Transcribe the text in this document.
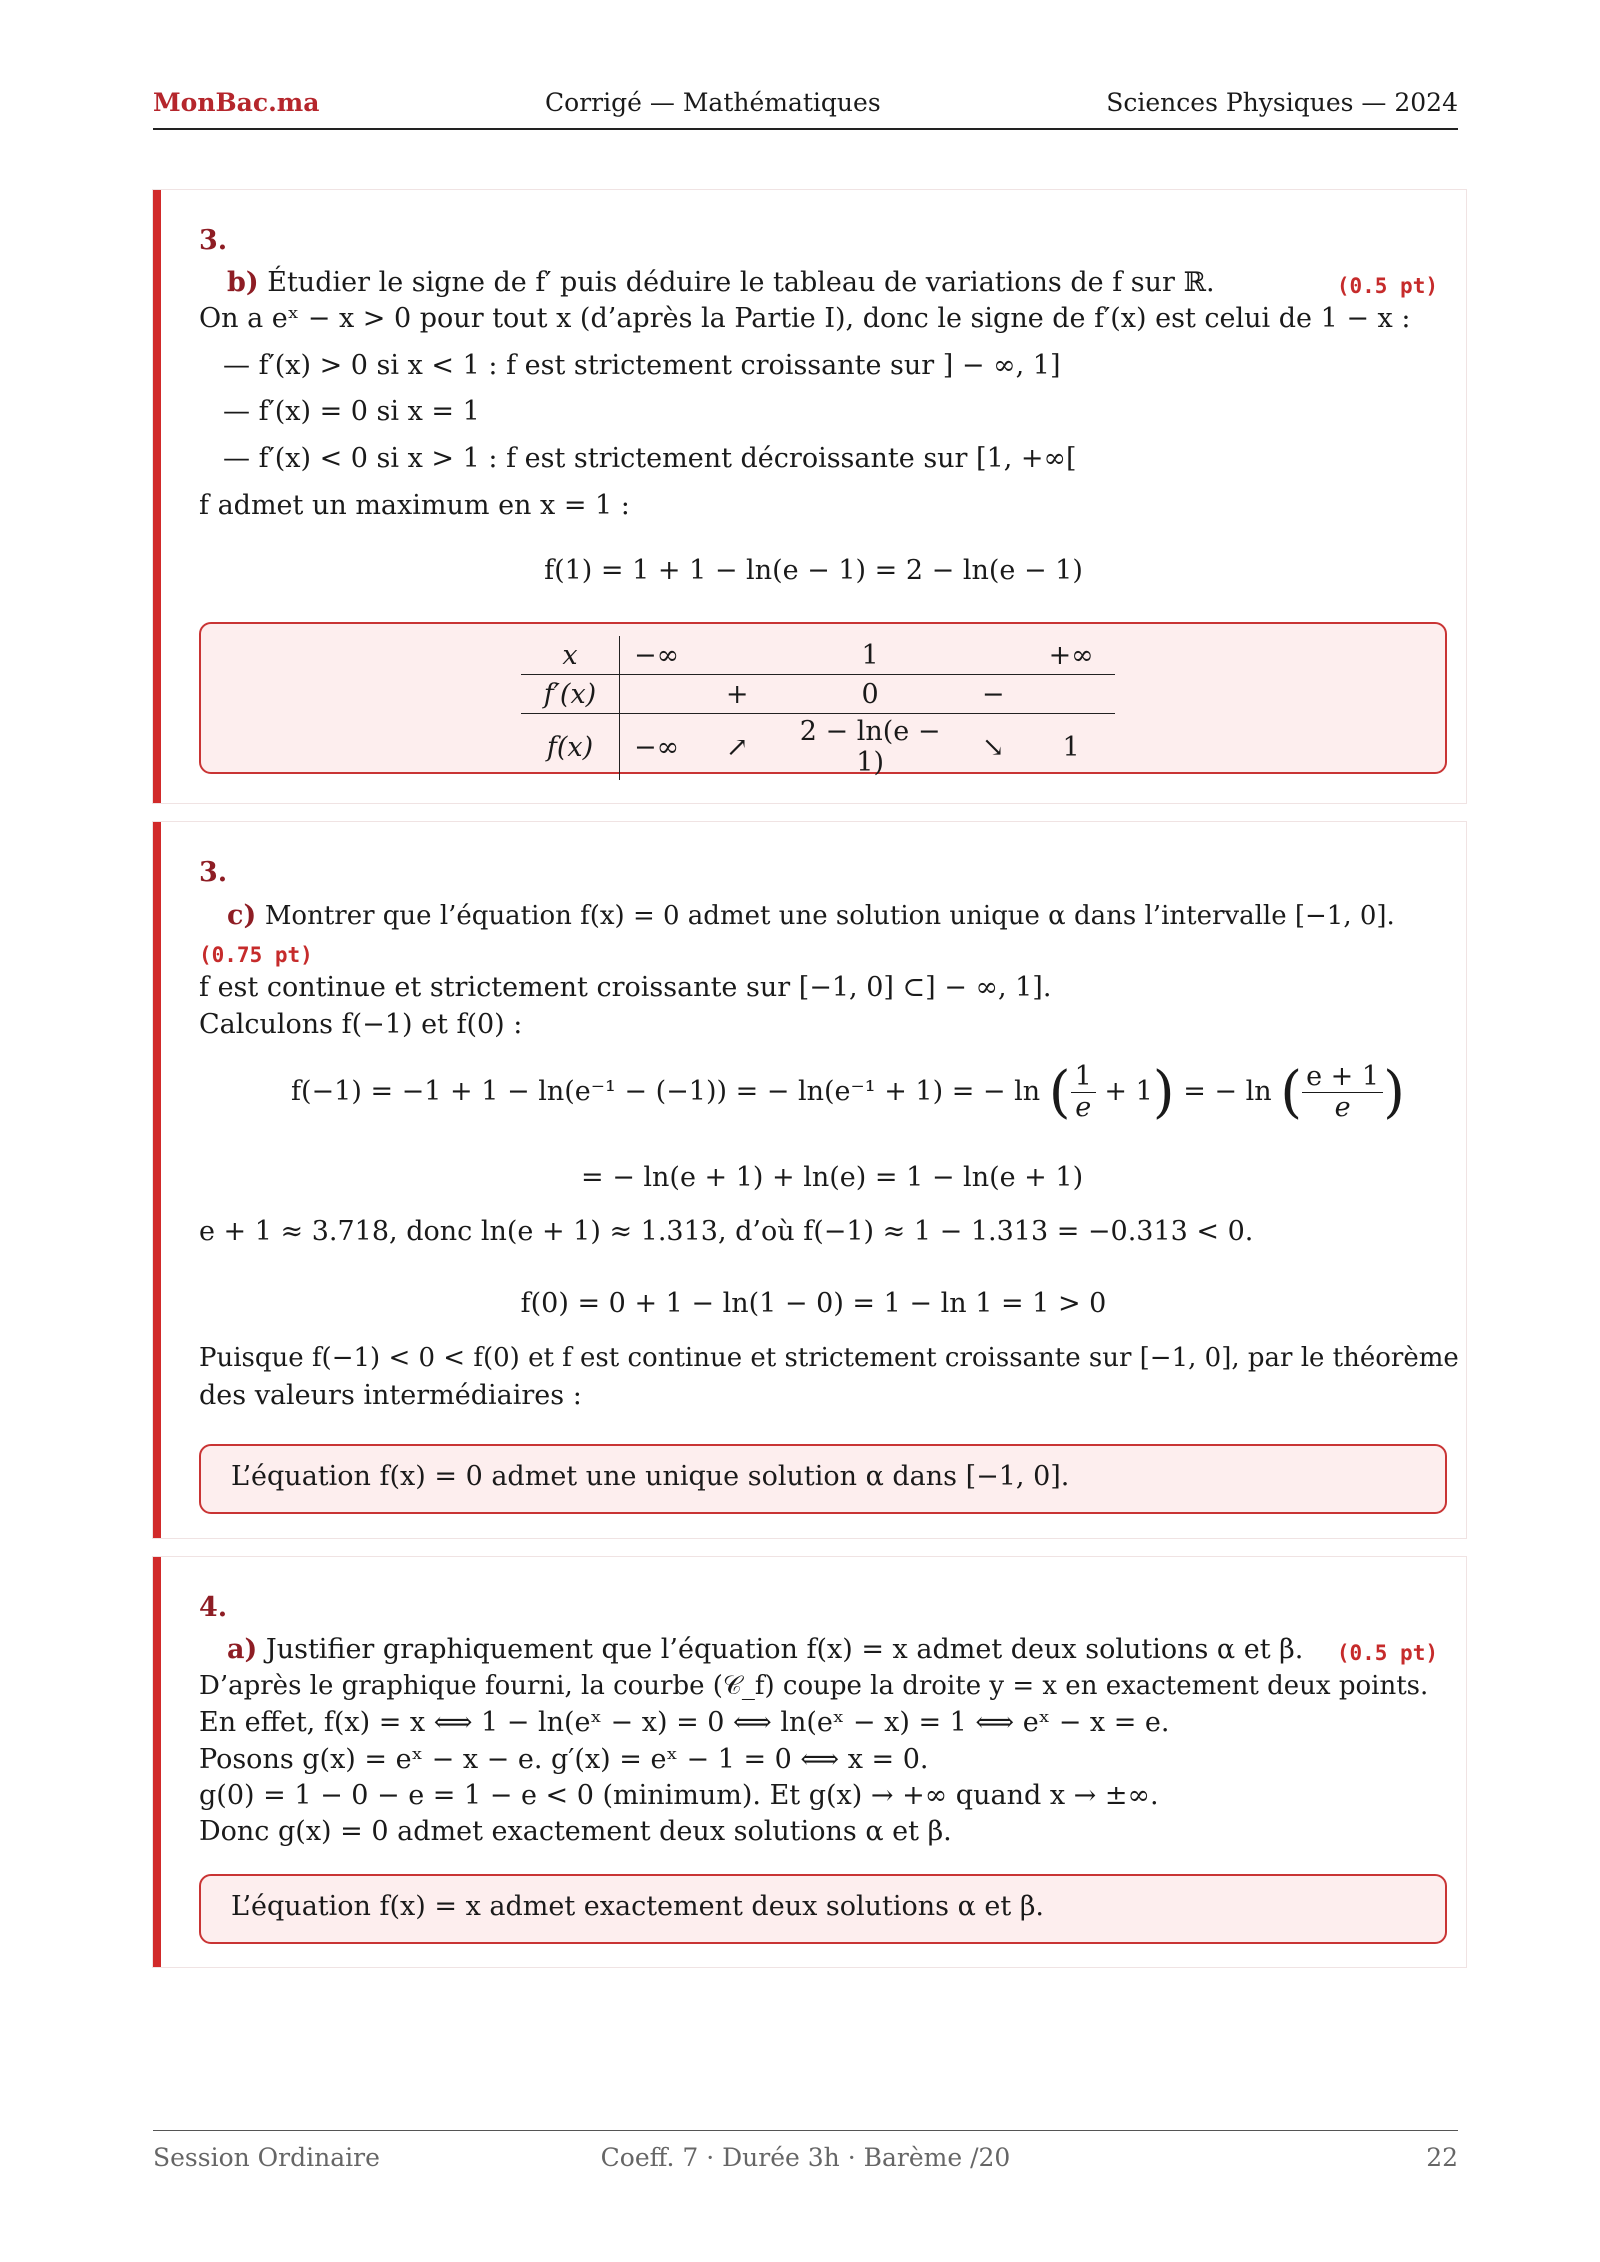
MonBac.ma	Corrigé — Mathématiques	Sciences Physiques — 2024
3.
b) Étudier le signe de f′ puis déduire le tableau de variations de f sur ℝ.	(0.5 pt)
On a eˣ − x > 0 pour tout x (d’après la Partie I), donc le signe de f′(x) est celui de 1 − x :
— f′(x) > 0 si x < 1 : f est strictement croissante sur ] − ∞, 1]
— f′(x) = 0 si x = 1
— f′(x) < 0 si x > 1 : f est strictement décroissante sur [1, +∞[
f admet un maximum en x = 1 :
f(1) = 1 + 1 − ln(e − 1) = 2 − ln(e − 1)
x	−∞		1		+∞
f′(x)		+	0	−	
f(x)	−∞	↗	2 − ln(e − 1)	↘	1
3.
c) Montrer que l’équation f(x) = 0 admet une solution unique α dans l’intervalle [−1, 0].
(0.75 pt)
f est continue et strictement croissante sur [−1, 0] ⊂] − ∞, 1].
Calculons f(−1) et f(0) :
f(−1) = −1 + 1 − ln(e⁻¹ − (−1)) = − ln(e⁻¹ + 1) = − ln ( $\frac{1}{e} + 1$) = − ln ( $\frac{e + 1}{e}$ )
= − ln(e + 1) + ln(e) = 1 − ln(e + 1)
e + 1 ≈ 3.718, donc ln(e + 1) ≈ 1.313, d’où f(−1) ≈ 1 − 1.313 = −0.313 < 0.
f(0) = 0 + 1 − ln(1 − 0) = 1 − ln 1 = 1 > 0
Puisque f(−1) < 0 < f(0) et f est continue et strictement croissante sur [−1, 0], par le théorème
des valeurs intermédiaires :
L’équation f(x) = 0 admet une unique solution α dans [−1, 0].
4.
a) Justifier graphiquement que l’équation f(x) = x admet deux solutions α et β. (0.5 pt)
D’après le graphique fourni, la courbe (𝒞_f) coupe la droite y = x en exactement deux points.
En effet, f(x) = x ⟺ 1 − ln(eˣ − x) = 0 ⟺ ln(eˣ − x) = 1 ⟺ eˣ − x = e.
Posons g(x) = eˣ − x − e. g′(x) = eˣ − 1 = 0 ⟺ x = 0.
g(0) = 1 − 0 − e = 1 − e < 0 (minimum). Et g(x) → +∞ quand x → ±∞.
Donc g(x) = 0 admet exactement deux solutions α et β.
L’équation f(x) = x admet exactement deux solutions α et β.
Session Ordinaire	Coeff. 7 · Durée 3h · Barème /20	22
